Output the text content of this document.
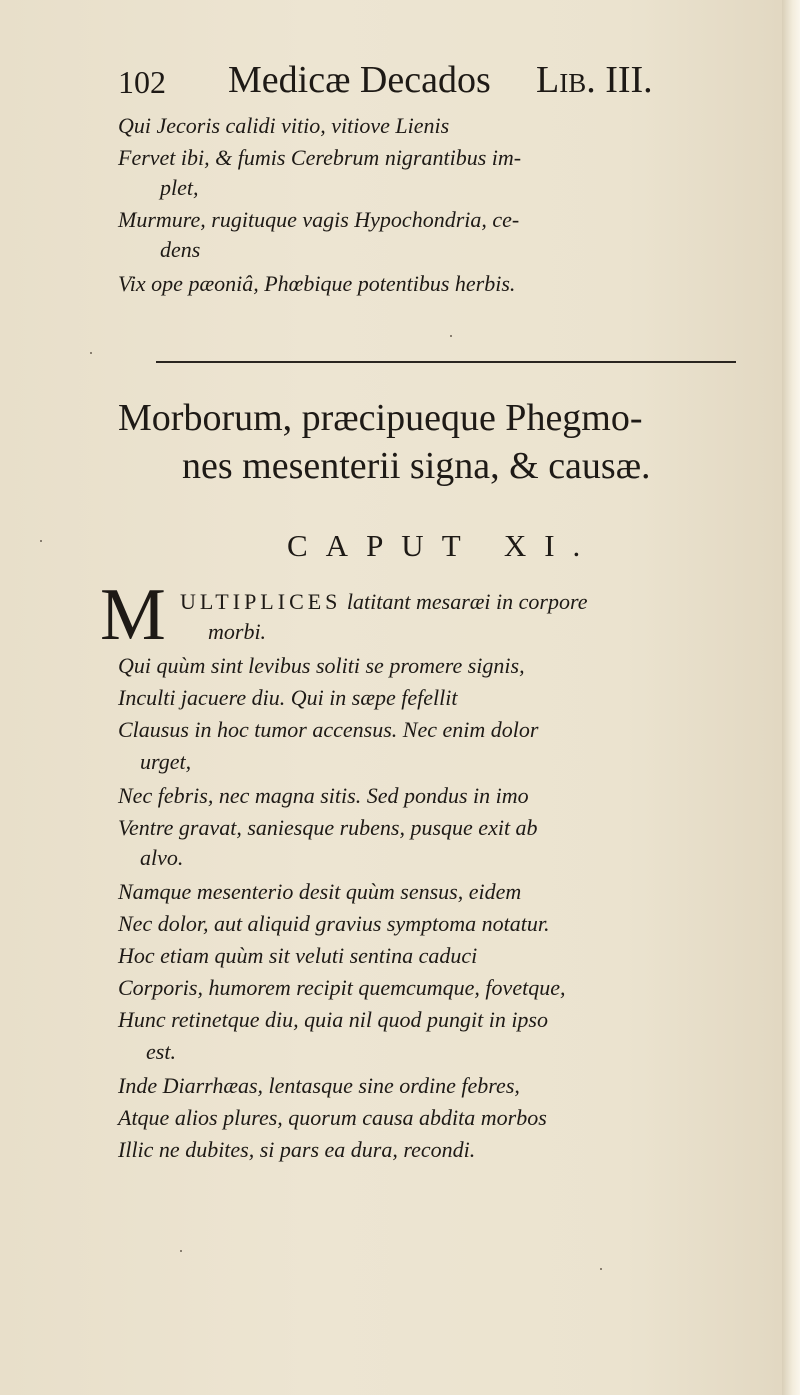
102 Medicæ Decados Lib. III.
Qui Jecoris calidi vitio, vitiove Lienis
Fervet ibi, & fumis Cerebrum nigrantibus im-
plet,
Murmure, rugituque vagis Hypochondria, ce-
dens
Vix ope pæoniâ, Phœbique potentibus herbis.
Morborum, præcipueque Phegmo-
nes mesenterii signa, & causæ.
CAPUT XI.
M ULTIPLICES latitant mesaræi in corpore
morbi.
Qui quùm sint levibus soliti se promere signis,
Inculti jacuere diu. Qui in sæpe fefellit
Clausus in hoc tumor accensus. Nec enim dolor
urget,
Nec febris, nec magna sitis. Sed pondus in imo
Ventre gravat, saniesque rubens, pusque exit ab
alvo.
Namque mesenterio desit quùm sensus, eidem
Nec dolor, aut aliquid gravius symptoma notatur.
Hoc etiam quùm sit veluti sentina caduci
Corporis, humorem recipit quemcumque, fovetque,
Hunc retinetque diu, quia nil quod pungit in ipso
est.
Inde Diarrhæas, lentasque sine ordine febres,
Atque alios plures, quorum causa abdita morbos
Illic ne dubites, si pars ea dura, recondi.
